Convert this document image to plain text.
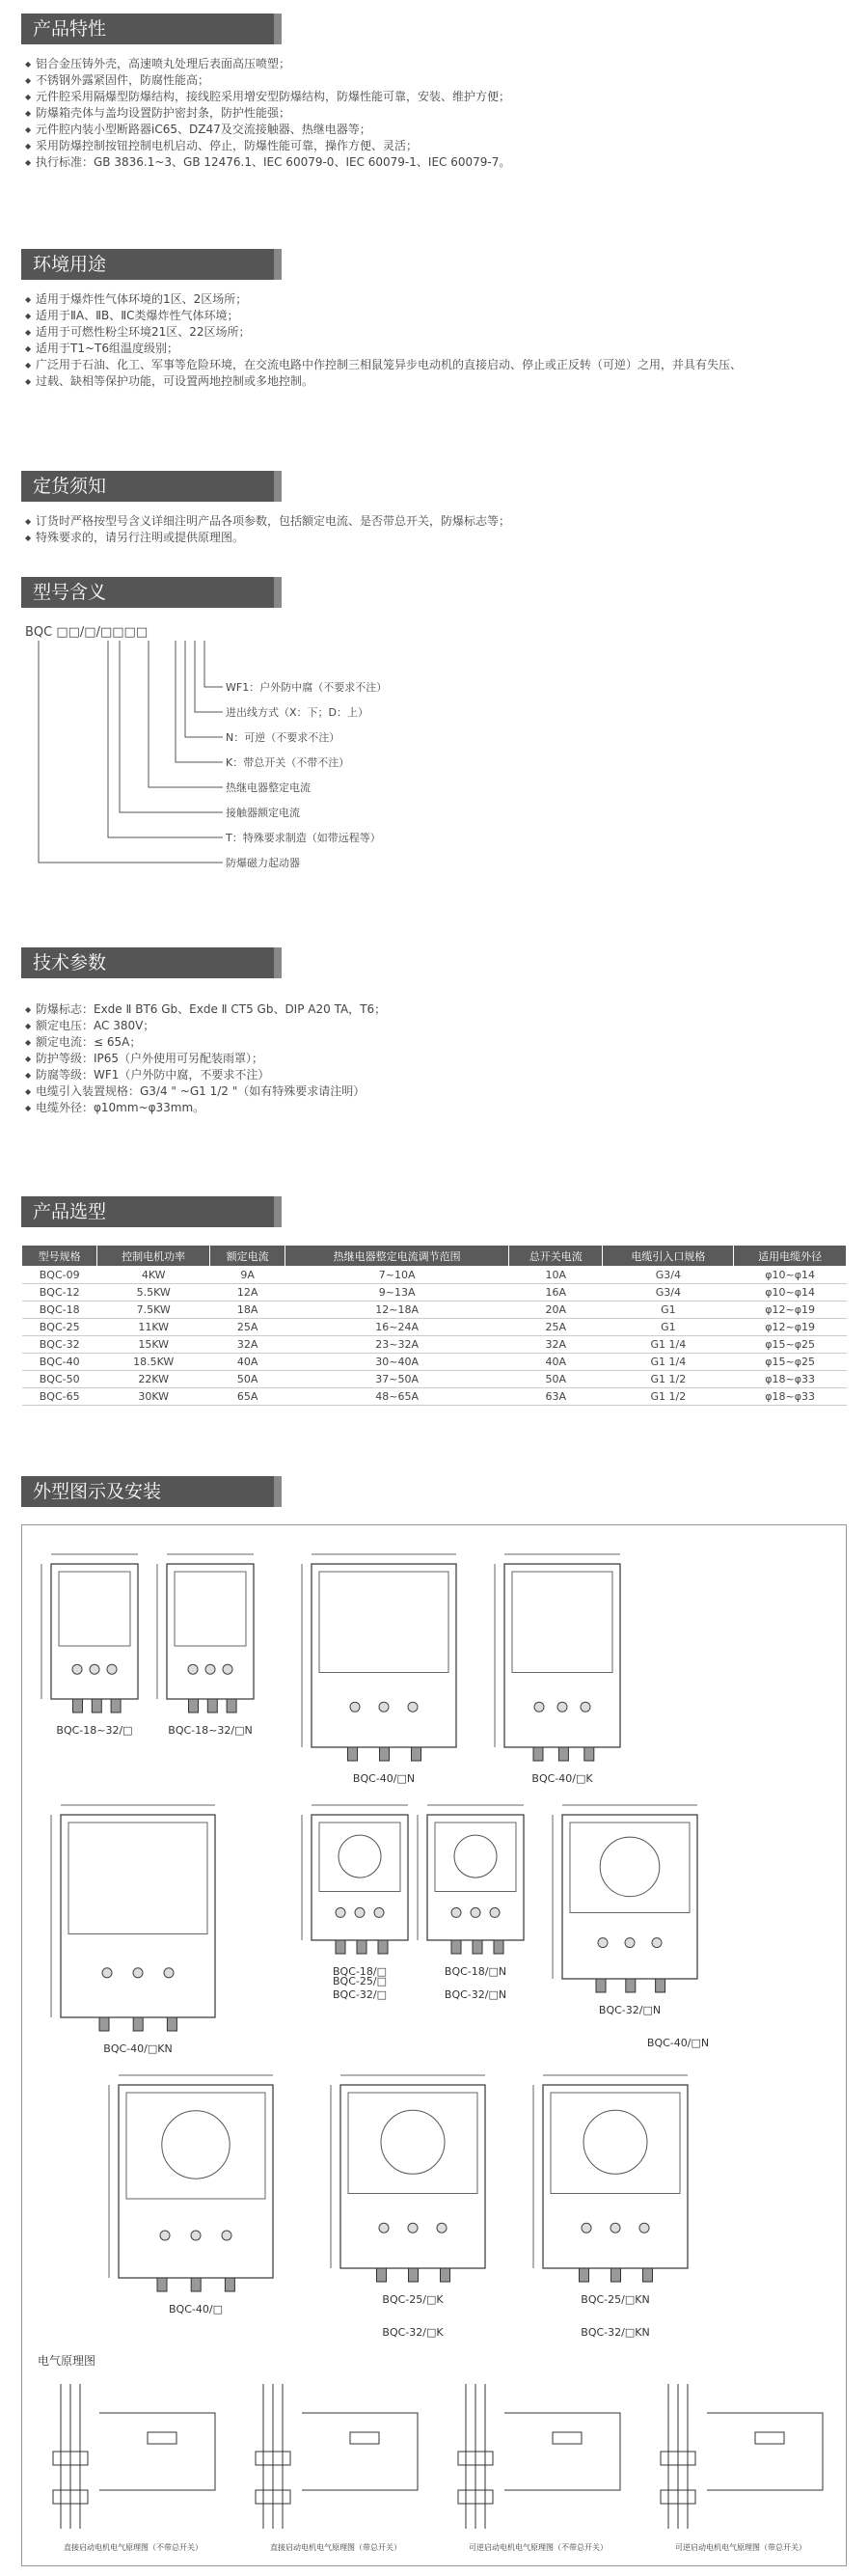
产品特性
◆ 铝合金压铸外壳，高速喷丸处理后表面高压喷塑；
◆ 不锈钢外露紧固件，防腐性能高；
◆ 元件腔采用隔爆型防爆结构，接线腔采用增安型防爆结构，防爆性能可靠，安装、维护方便；
◆ 防爆箱壳体与盖均设置防护密封条，防护性能强；
◆ 元件腔内装小型断路器iC65、DZ47及交流接触器、热继电器等；
◆ 采用防爆控制按钮控制电机启动、停止，防爆性能可靠，操作方便、灵活；
◆ 执行标准：GB 3836.1~3、GB 12476.1、IEC 60079-0、IEC 60079-1、IEC 60079-7。
环境用途
◆ 适用于爆炸性气体环境的1区、2区场所；
◆ 适用于ⅡA、ⅡB、ⅡC类爆炸性气体环境；
◆ 适用于可燃性粉尘环境21区、22区场所；
◆ 适用于T1~T6组温度级别；
◆ 广泛用于石油、化工、军事等危险环境，在交流电路中作控制三相鼠笼异步电动机的直接启动、停止或正反转（可逆）之用，并具有失压、
◆ 过载、缺相等保护功能，可设置两地控制或多地控制。
定货须知
◆ 订货时严格按型号含义详细注明产品各项参数，包括额定电流、是否带总开关，防爆标志等；
◆ 特殊要求的，请另行注明或提供原理图。
型号含义
BQC □□/□/□□□□
WF1：户外防中腐（不要求不注）
进出线方式（X：下；D：上）
N：可逆（不要求不注）
K：带总开关（不带不注）
热继电器整定电流
接触器额定电流
T：特殊要求制造（如带远程等）
防爆磁力起动器
技术参数
◆ 防爆标志：Exde Ⅱ BT6 Gb、Exde Ⅱ CT5 Gb、DIP A20 TA，T6；
◆ 额定电压：AC 380V；
◆ 额定电流：≤ 65A；
◆ 防护等级：IP65（户外使用可另配装雨罩）；
◆ 防腐等级：WF1（户外防中腐，不要求不注）
◆ 电缆引入装置规格：G3/4 " ~G1 1/2 "（如有特殊要求请注明）
◆ 电缆外径：φ10mm~φ33mm。
产品选型
型号规格	控制电机功率	额定电流	热继电器整定电流调节范围	总开关电流	电缆引入口规格	适用电缆外径
BQC-09	4KW	9A	7~10A	10A	G3/4	φ10~φ14
BQC-12	5.5KW	12A	9~13A	16A	G3/4	φ10~φ14
BQC-18	7.5KW	18A	12~18A	20A	G1	φ12~φ19
BQC-25	11KW	25A	16~24A	25A	G1	φ12~φ19
BQC-32	15KW	32A	23~32A	32A	G1 1/4	φ15~φ25
BQC-40	18.5KW	40A	30~40A	40A	G1 1/4	φ15~φ25
BQC-50	22KW	50A	37~50A	50A	G1 1/2	φ18~φ33
BQC-65	30KW	65A	48~65A	63A	G1 1/2	φ18~φ33
外型图示及安装
BQC-18~32/□	BQC-18~32/□N
BQC-40/□N	BQC-40/□K
BQC-40/□KN
BQC-18/□	BQC-18/□N
BQC-32/□N
BQC-40/□
BQC-25/□K	BQC-25/□KN
BQC-25/□
BQC-32/□	BQC-32/□N
BQC-40/□N
BQC-32/□K	BQC-32/□KN
电气原理图
直接启动电机电气原理图（不带总开关）	直接启动电机电气原理图（带总开关）	可逆启动电机电气原理图（不带总开关）	可逆启动电机电气原理图（带总开关）
